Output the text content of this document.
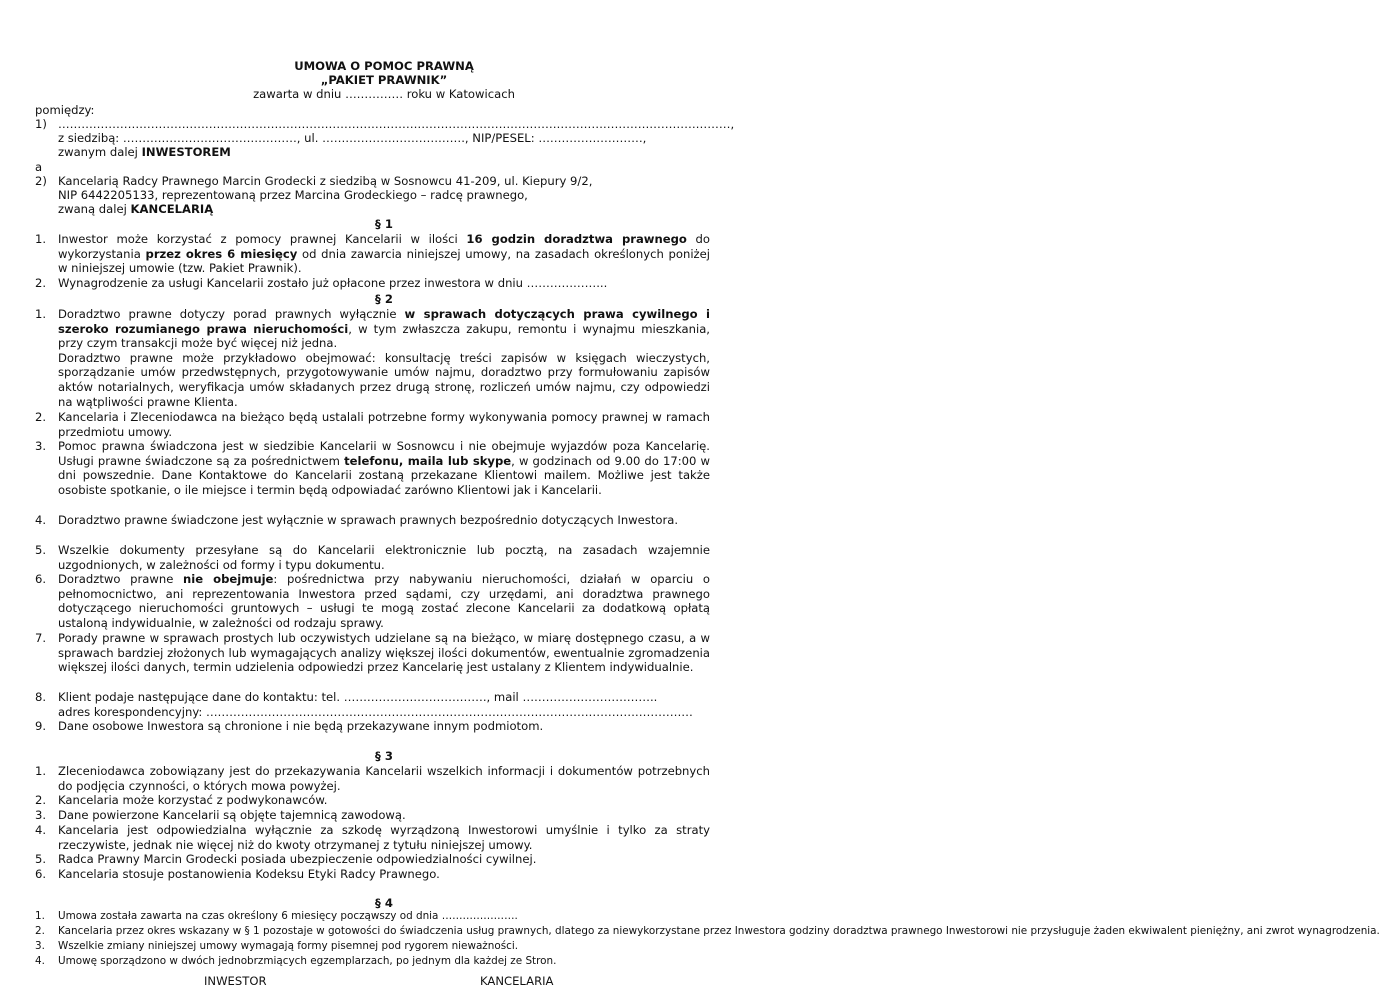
UMOWA O POMOC PRAWNĄ
„PAKIET PRAWNIK”
zawarta w dniu …………… roku w Katowicach
pomiędzy:
1) …………………………………………………………………………………………………………………………………………………………,
z siedzibą: ………………………………………, ul. ………………………………., NIP/PESEL: ………………………,
zwanym dalej INWESTOREM
a
2) Kancelarią Radcy Prawnego Marcin Grodecki z siedzibą w Sosnowcu 41-209, ul. Kiepury 9/2,
NIP 6442205133, reprezentowaną przez Marcina Grodeckiego – radcę prawnego,
zwaną dalej KANCELARIĄ
§ 1
1. Inwestor może korzystać z pomocy prawnej Kancelarii w ilości 16 godzin doradztwa prawnego do wykorzystania przez okres 6 miesięcy od dnia zawarcia niniejszej umowy, na zasadach określonych poniżej w niniejszej umowie (tzw. Pakiet Prawnik).
2. Wynagrodzenie za usługi Kancelarii zostało już opłacone przez inwestora w dniu ………………...
§ 2
1. Doradztwo prawne dotyczy porad prawnych wyłącznie w sprawach dotyczących prawa cywilnego i szeroko rozumianego prawa nieruchomości, w tym zwłaszcza zakupu, remontu i wynajmu mieszkania, przy czym transakcji może być więcej niż jedna.
Doradztwo prawne może przykładowo obejmować: konsultację treści zapisów w księgach wieczystych, sporządzanie umów przedwstępnych, przygotowywanie umów najmu, doradztwo przy formułowaniu zapisów aktów notarialnych, weryfikacja umów składanych przez drugą stronę, rozliczeń umów najmu, czy odpowiedzi na wątpliwości prawne Klienta.
2. Kancelaria i Zleceniodawca na bieżąco będą ustalali potrzebne formy wykonywania pomocy prawnej w ramach przedmiotu umowy.
3. Pomoc prawna świadczona jest w siedzibie Kancelarii w Sosnowcu i nie obejmuje wyjazdów poza Kancelarię. Usługi prawne świadczone są za pośrednictwem telefonu, maila lub skype, w godzinach od 9.00 do 17:00 w dni powszednie. Dane Kontaktowe do Kancelarii zostaną przekazane Klientowi mailem. Możliwe jest także osobiste spotkanie, o ile miejsce i termin będą odpowiadać zarówno Klientowi jak i Kancelarii.
4. Doradztwo prawne świadczone jest wyłącznie w sprawach prawnych bezpośrednio dotyczących Inwestora.
5. Wszelkie dokumenty przesyłane są do Kancelarii elektronicznie lub pocztą, na zasadach wzajemnie uzgodnionych, w zależności od formy i typu dokumentu.
6. Doradztwo prawne nie obejmuje: pośrednictwa przy nabywaniu nieruchomości, działań w oparciu o pełnomocnictwo, ani reprezentowania Inwestora przed sądami, czy urzędami, ani doradztwa prawnego dotyczącego nieruchomości gruntowych – usługi te mogą zostać zlecone Kancelarii za dodatkową opłatą ustaloną indywidualnie, w zależności od rodzaju sprawy.
7. Porady prawne w sprawach prostych lub oczywistych udzielane są na bieżąco, w miarę dostępnego czasu, a w sprawach bardziej złożonych lub wymagających analizy większej ilości dokumentów, ewentualnie zgromadzenia większej ilości danych, termin udzielenia odpowiedzi przez Kancelarię jest ustalany z Klientem indywidualnie.
8. Klient podaje następujące dane do kontaktu: tel. ………………………………., mail ……………………………..
adres korespondencyjny: ………………………………………………………………………………………………………………
9. Dane osobowe Inwestora są chronione i nie będą przekazywane innym podmiotom.
§ 3
1. Zleceniodawca zobowiązany jest do przekazywania Kancelarii wszelkich informacji i dokumentów potrzebnych do podjęcia czynności, o których mowa powyżej.
2. Kancelaria może korzystać z podwykonawców.
3. Dane powierzone Kancelarii są objęte tajemnicą zawodową.
4. Kancelaria jest odpowiedzialna wyłącznie za szkodę wyrządzoną Inwestorowi umyślnie i tylko za straty rzeczywiste, jednak nie więcej niż do kwoty otrzymanej z tytułu niniejszej umowy.
5. Radca Prawny Marcin Grodecki posiada ubezpieczenie odpowiedzialności cywilnej.
6. Kancelaria stosuje postanowienia Kodeksu Etyki Radcy Prawnego.
§ 4
1. Umowa została zawarta na czas określony 6 miesięcy począwszy od dnia ………………….
2. Kancelaria przez okres wskazany w § 1 pozostaje w gotowości do świadczenia usług prawnych, dlatego za niewykorzystane przez Inwestora godziny doradztwa prawnego Inwestorowi nie przysługuje żaden ekwiwalent pieniężny, ani zwrot wynagrodzenia.
3. Wszelkie zmiany niniejszej umowy wymagają formy pisemnej pod rygorem nieważności.
4. Umowę sporządzono w dwóch jednobrzmiących egzemplarzach, po jednym dla każdej ze Stron.
INWESTOR	KANCELARIA
